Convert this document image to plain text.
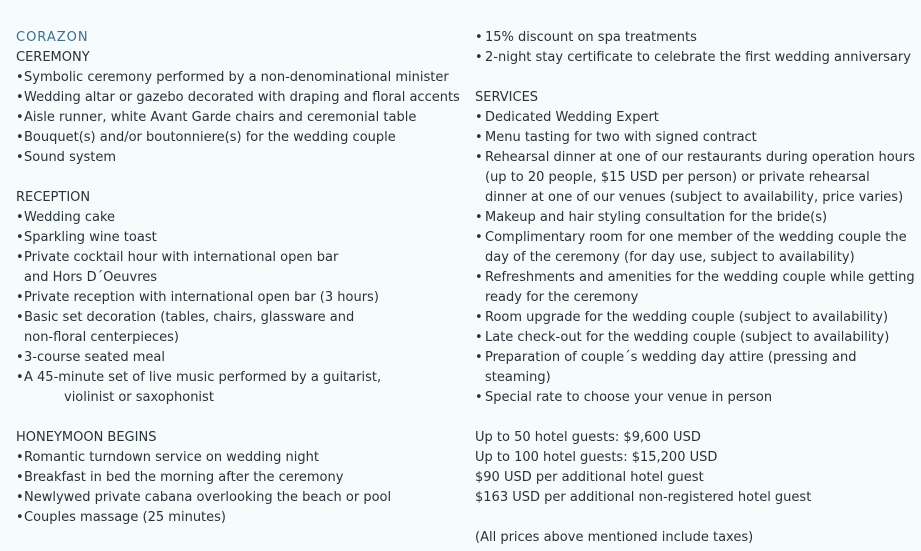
CORAZON
CEREMONY
• Symbolic ceremony performed by a non-denominational minister
• Wedding altar or gazebo decorated with draping and floral accents
• Aisle runner, white Avant Garde chairs and ceremonial table
• Bouquet(s) and/or boutonniere(s) for the wedding couple
• Sound system
RECEPTION
• Wedding cake
• Sparkling wine toast
• Private cocktail hour with international open bar and Hors D´Oeuvres
• Private reception with international open bar (3 hours)
• Basic set decoration (tables, chairs, glassware and non-floral centerpieces)
• 3-course seated meal
• A 45-minute set of live music performed by a guitarist,
violinist or saxophonist
HONEYMOON BEGINS
• Romantic turndown service on wedding night
• Breakfast in bed the morning after the ceremony
• Newlywed private cabana overlooking the beach or pool
• Couples massage (25 minutes)
• 15% discount on spa treatments
• 2-night stay certificate to celebrate the first wedding anniversary
SERVICES
• Dedicated Wedding Expert
• Menu tasting for two with signed contract
• Rehearsal dinner at one of our restaurants during operation hours (up to 20 people, $15 USD per person) or private rehearsal dinner at one of our venues (subject to availability, price varies)
• Makeup and hair styling consultation for the bride(s)
• Complimentary room for one member of the wedding couple the day of the ceremony (for day use, subject to availability)
• Refreshments and amenities for the wedding couple while getting ready for the ceremony
• Room upgrade for the wedding couple (subject to availability)
• Late check-out for the wedding couple (subject to availability)
• Preparation of couple´s wedding day attire (pressing and steaming)
• Special rate to choose your venue in person
Up to 50 hotel guests: $9,600 USD
Up to 100 hotel guests: $15,200 USD
$90 USD per additional hotel guest
$163 USD per additional non-registered hotel guest
(All prices above mentioned include taxes)
